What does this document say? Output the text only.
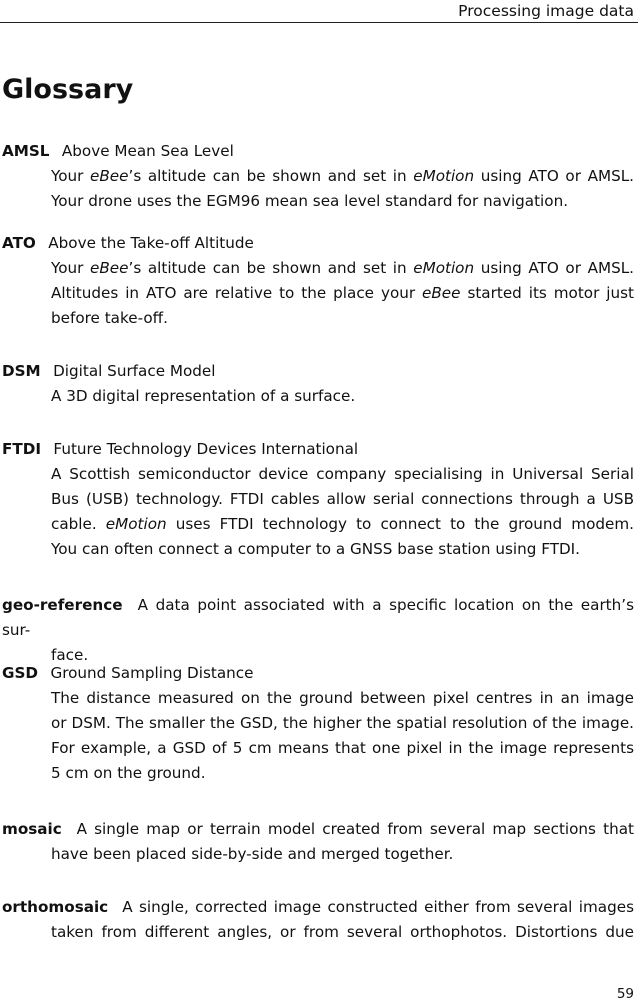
Processing image data
Glossary
AMSL  Above Mean Sea Level
Your eBee’s altitude can be shown and set in eMotion using ATO or AMSL.
Your drone uses the EGM96 mean sea level standard for navigation.
ATO  Above the Take-off Altitude
Your eBee’s altitude can be shown and set in eMotion using ATO or AMSL.
Altitudes in ATO are relative to the place your eBee started its motor just
before take-off.
DSM  Digital Surface Model
A 3D digital representation of a surface.
FTDI  Future Technology Devices International
A Scottish semiconductor device company specialising in Universal Serial
Bus (USB) technology. FTDI cables allow serial connections through a USB
cable. eMotion uses FTDI technology to connect to the ground modem.
You can often connect a computer to a GNSS base station using FTDI.
geo-reference  A data point associated with a specific location on the earth’s sur-
face.
GSD  Ground Sampling Distance
The distance measured on the ground between pixel centres in an image
or DSM. The smaller the GSD, the higher the spatial resolution of the image.
For example, a GSD of 5 cm means that one pixel in the image represents
5 cm on the ground.
mosaic  A single map or terrain model created from several map sections that
have been placed side-by-side and merged together.
orthomosaic  A single, corrected image constructed either from several images
taken from different angles, or from several orthophotos. Distortions due
59
